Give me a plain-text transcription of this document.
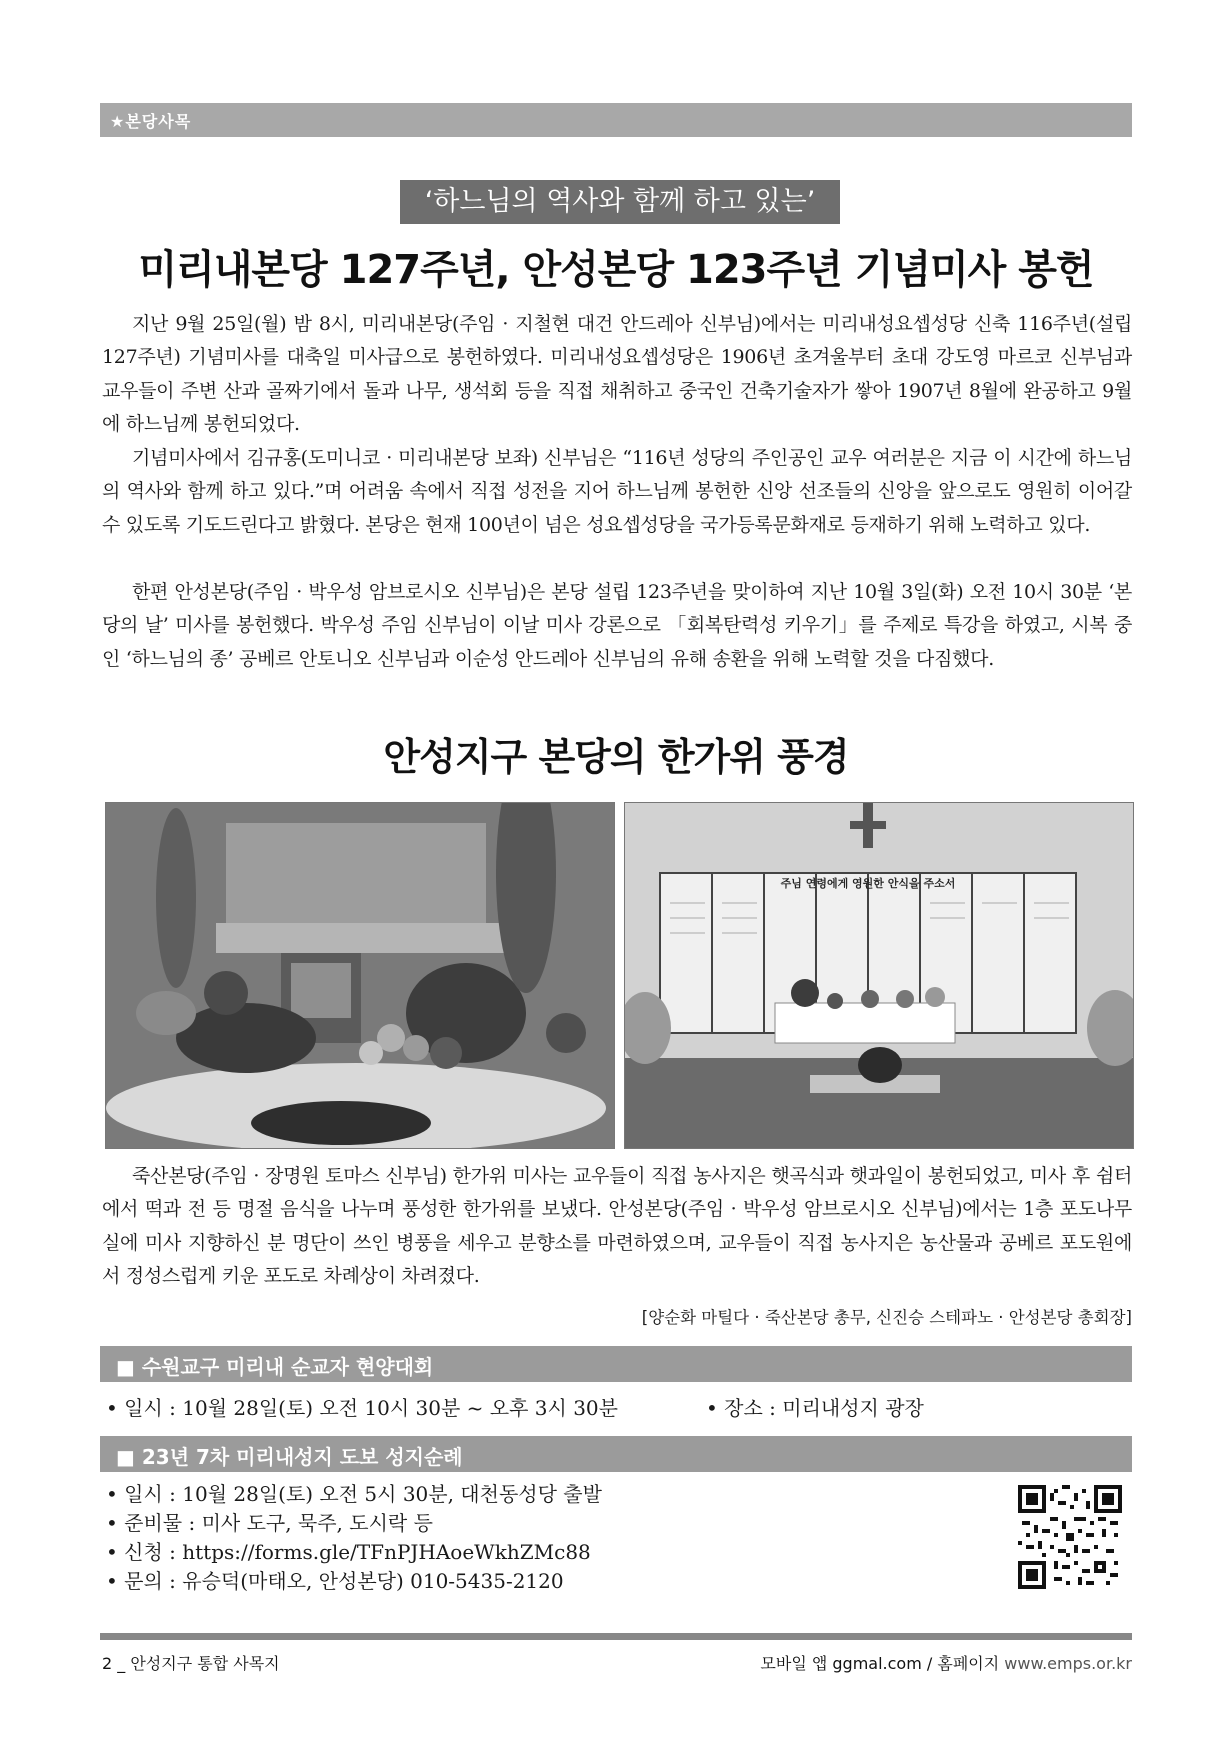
★본당사목
‘하느님의 역사와 함께 하고 있는’
미리내본당 127주년, 안성본당 123주년 기념미사 봉헌
지난 9월 25일(월) 밤 8시, 미리내본당(주임 · 지철현 대건 안드레아 신부님)에서는 미리내성요셉성당 신축 116주년(설립 127주년) 기념미사를 대축일 미사급으로 봉헌하였다. 미리내성요셉성당은 1906년 초겨울부터 초대 강도영 마르코 신부님과 교우들이 주변 산과 골짜기에서 돌과 나무, 생석회 등을 직접 채취하고 중국인 건축기술자가 쌓아 1907년 8월에 완공하고 9월에 하느님께 봉헌되었다.
기념미사에서 김규홍(도미니코 · 미리내본당 보좌) 신부님은 “116년 성당의 주인공인 교우 여러분은 지금 이 시간에 하느님의 역사와 함께 하고 있다.”며 어려움 속에서 직접 성전을 지어 하느님께 봉헌한 신앙 선조들의 신앙을 앞으로도 영원히 이어갈 수 있도록 기도드린다고 밝혔다. 본당은 현재 100년이 넘은 성요셉성당을 국가등록문화재로 등재하기 위해 노력하고 있다.
한편 안성본당(주임 · 박우성 암브로시오 신부님)은 본당 설립 123주년을 맞이하여 지난 10월 3일(화) 오전 10시 30분 ‘본당의 날’ 미사를 봉헌했다. 박우성 주임 신부님이 이날 미사 강론으로 「회복탄력성 키우기」를 주제로 특강을 하였고, 시복 중인 ‘하느님의 종’ 공베르 안토니오 신부님과 이순성 안드레아 신부님의 유해 송환을 위해 노력할 것을 다짐했다.
안성지구 본당의 한가위 풍경
주님 연령에게 영원한 안식을 주소서
죽산본당(주임 · 장명원 토마스 신부님) 한가위 미사는 교우들이 직접 농사지은 햇곡식과 햇과일이 봉헌되었고, 미사 후 쉼터에서 떡과 전 등 명절 음식을 나누며 풍성한 한가위를 보냈다. 안성본당(주임 · 박우성 암브로시오 신부님)에서는 1층 포도나무실에 미사 지향하신 분 명단이 쓰인 병풍을 세우고 분향소를 마련하였으며, 교우들이 직접 농사지은 농산물과 공베르 포도원에서 정성스럽게 키운 포도로 차례상이 차려졌다.
[양순화 마틸다 · 죽산본당 총무, 신진승 스테파노 · 안성본당 총회장]
■ 수원교구 미리내 순교자 현양대회
• 일시 : 10월 28일(토) 오전 10시 30분 ~ 오후 3시 30분	• 장소 : 미리내성지 광장
■ 23년 7차 미리내성지 도보 성지순례
• 일시 : 10월 28일(토) 오전 5시 30분, 대천동성당 출발
• 준비물 : 미사 도구, 묵주, 도시락 등
• 신청 : https://forms.gle/TFnPJHAoeWkhZMc88
• 문의 : 유승덕(마태오, 안성본당) 010-5435-2120
2 _ 안성지구 통합 사목지	모바일 앱 ggmal.com / 홈페이지 www.emps.or.kr
